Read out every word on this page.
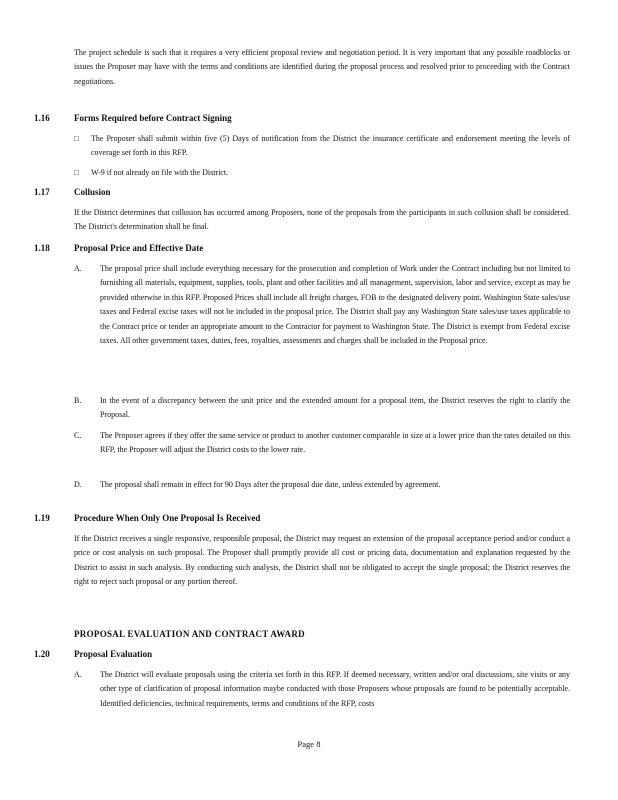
The project schedule is such that it requires a very efficient proposal review and negotiation period. It is very important that any possible roadblocks or issues the Proposer may have with the terms and conditions are identified during the proposal process and resolved prior to proceeding with the Contract negotiations.

1.16	Forms Required before Contract Signing
□ The Proposer shall submit within five (5) Days of notification from the District the insurance certificate and endorsement meeting the levels of coverage set forth in this RFP.
□ W-9 if not already on file with the District.
1.17	Collusion

If the District determines that collusion has occurred among Proposers, none of the proposals from the participants in such collusion shall be considered. The District's determination shall be final.

1.18	Proposal Price and Effective Date
A. The proposal price shall include everything necessary for the prosecution and completion of Work under the Contract including but not limited to furnishing all materials, equipment, supplies, tools, plant and other facilities and all management, supervision, labor and service, except as may be provided otherwise in this RFP. Proposed Prices shall include all freight charges, FOB to the designated delivery point. Washington State sales/use taxes and Federal excise taxes will not be included in the proposal price. The District shall pay any Washington State sales/use taxes applicable to the Contract price or tender an appropriate amount to the Contractor for payment to Washington State. The District is exempt from Federal excise taxes. All other government taxes, duties, fees, royalties, assessments and charges shall be included in the Proposal price.
B. In the event of a discrepancy between the unit price and the extended amount for a proposal item, the District reserves the right to clarify the Proposal.
C. The Proposer agrees if they offer the same service or product to another customer comparable in size at a lower price than the rates detailed on this RFP, the Proposer will adjust the District costs to the lower rate.
D. The proposal shall remain in effect for 90 Days after the proposal due date, unless extended by agreement.
1.19	Procedure When Only One Proposal Is Received

If the District receives a single responsive, responsible proposal, the District may request an extension of the proposal acceptance period and/or conduct a price or cost analysis on such proposal. The Proposer shall promptly provide all cost or pricing data, documentation and explanation requested by the District to assist in such analysis. By conducting such analysis, the District shall not be obligated to accept the single proposal; the District reserves the right to reject such proposal or any portion thereof.

PROPOSAL EVALUATION AND CONTRACT AWARD
1.20	Proposal Evaluation
A. The District will evaluate proposals using the criteria set forth in this RFP. If deemed necessary, written and/or oral discussions, site visits or any other type of clarification of proposal information maybe conducted with those Proposers whose proposals are found to be potentially acceptable. Identified deficiencies, technical requirements, terms and conditions of the RFP, costs
Page 8
